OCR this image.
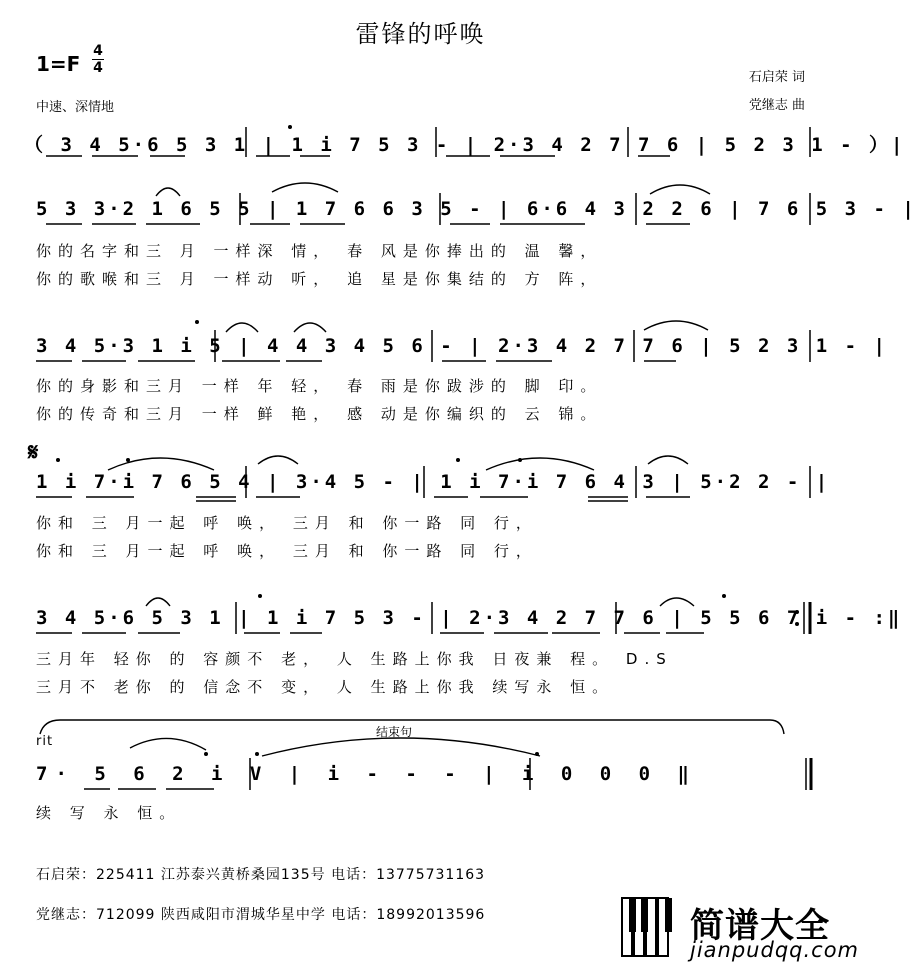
雷锋的呼唤
1=F
4
4
石启荣 词
党继志 曲
中速、深情地
（ 3 4 5·6 5 3 1 | 1 i 7 5 3 - | 2·3 4 2 7 7 6 | 5 2 3 1 - ）|
5 3 3·2 1 6 5 5 | 1 7 6 6 3 5 - | 6·6 4 3 2 2 6 | 7 6 5 3 - |
你的名字和三 月 一样深 情， 春 风是你捧出的 温 馨，
你的歌喉和三 月 一样动 听， 追 星是你集结的 方 阵，
3 4 5·3 1 i 5 | 4 4 3 4 5 6 - | 2·3 4 2 7 7 6 | 5 2 3 1 - |
你的身影和三月 一样 年 轻， 春 雨是你跋涉的 脚 印。
你的传奇和三月 一样 鲜 艳， 感 动是你编织的 云 锦。
𝄋
1 i 7·i 7 6 5 4 | 3·4 5 - | 1 i 7·i 7 6 4 3 | 5·2 2 - |
你和 三 月一起 呼 唤， 三月 和 你一路 同 行，
你和 三 月一起 呼 唤， 三月 和 你一路 同 行，
3 4 5·6 5 3 1 | 1 i 7 5 3 - | 2·3 4 2 7 7 6 | 5 5 6 7 i - :‖
三月年 轻你 的 容颜不 老， 人 生路上你我 日夜兼 程。 D.S
三月不 老你 的 信念不 变， 人 生路上你我 续写永 恒。
rit
结束句
7· 5 6 2 i V | i - - - | i 0 0 0 ‖
续 写 永 恒。
石启荣：225411 江苏泰兴黄桥桑园135号 电话：13775731163
党继志：712099 陕西咸阳市渭城华星中学 电话：18992013596	简谱大全
jianpudqq.com
